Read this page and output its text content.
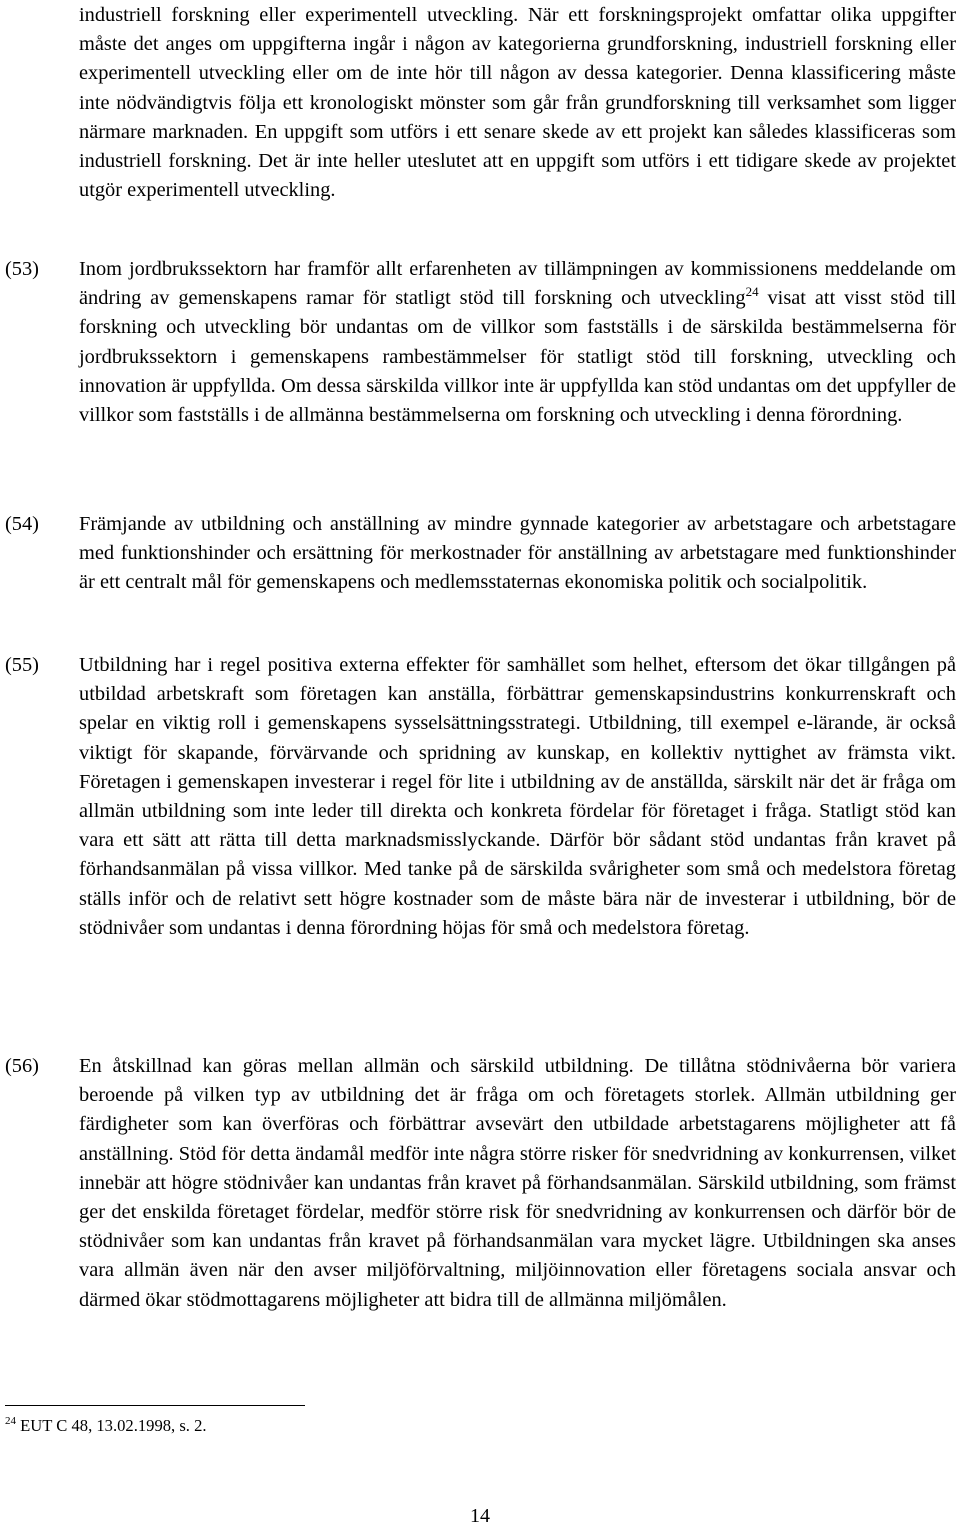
industriell forskning eller experimentell utveckling. När ett forskningsprojekt omfattar olika uppgifter måste det anges om uppgifterna ingår i någon av kategorierna grundforskning, industriell forskning eller experimentell utveckling eller om de inte hör till någon av dessa kategorier. Denna klassificering måste inte nödvändigtvis följa ett kronologiskt mönster som går från grundforskning till verksamhet som ligger närmare marknaden. En uppgift som utförs i ett senare skede av ett projekt kan således klassificeras som industriell forskning. Det är inte heller uteslutet att en uppgift som utförs i ett tidigare skede av projektet utgör experimentell utveckling.

(53) Inom jordbrukssektorn har framför allt erfarenheten av tillämpningen av kommissionens meddelande om ändring av gemenskapens ramar för statligt stöd till forskning och utveckling$^{24}$ visat att visst stöd till forskning och utveckling bör undantas om de villkor som fastställs i de särskilda bestämmelserna för jordbrukssektorn i gemenskapens rambestämmelser för statligt stöd till forskning, utveckling och innovation är uppfyllda. Om dessa särskilda villkor inte är uppfyllda kan stöd undantas om det uppfyller de villkor som fastställs i de allmänna bestämmelserna om forskning och utveckling i denna förordning.

(54) Främjande av utbildning och anställning av mindre gynnade kategorier av arbetstagare och arbetstagare med funktionshinder och ersättning för merkostnader för anställning av arbetstagare med funktionshinder är ett centralt mål för gemenskapens och medlemsstaternas ekonomiska politik och socialpolitik.

(55) Utbildning har i regel positiva externa effekter för samhället som helhet, eftersom det ökar tillgången på utbildad arbetskraft som företagen kan anställa, förbättrar gemenskapsindustrins konkurrenskraft och spelar en viktig roll i gemenskapens sysselsättningsstrategi. Utbildning, till exempel e-lärande, är också viktigt för skapande, förvärvande och spridning av kunskap, en kollektiv nyttighet av främsta vikt. Företagen i gemenskapen investerar i regel för lite i utbildning av de anställda, särskilt när det är fråga om allmän utbildning som inte leder till direkta och konkreta fördelar för företaget i fråga. Statligt stöd kan vara ett sätt att rätta till detta marknadsmisslyckande. Därför bör sådant stöd undantas från kravet på förhandsanmälan på vissa villkor. Med tanke på de särskilda svårigheter som små och medelstora företag ställs inför och de relativt sett högre kostnader som de måste bära när de investerar i utbildning, bör de stödnivåer som undantas i denna förordning höjas för små och medelstora företag.

(56) En åtskillnad kan göras mellan allmän och särskild utbildning. De tillåtna stödnivåerna bör variera beroende på vilken typ av utbildning det är fråga om och företagets storlek. Allmän utbildning ger färdigheter som kan överföras och förbättrar avsevärt den utbildade arbetstagarens möjligheter att få anställning. Stöd för detta ändamål medför inte några större risker för snedvridning av konkurrensen, vilket innebär att högre stödnivåer kan undantas från kravet på förhandsanmälan. Särskild utbildning, som främst ger det enskilda företaget fördelar, medför större risk för snedvridning av konkurrensen och därför bör de stödnivåer som kan undantas från kravet på förhandsanmälan vara mycket lägre. Utbildningen ska anses vara allmän även när den avser miljöförvaltning, miljöinnovation eller företagens sociala ansvar och därmed ökar stödmottagarens möjligheter att bidra till de allmänna miljömålen.

$^{24}$ EUT C 48, 13.02.1998, s. 2.
14
